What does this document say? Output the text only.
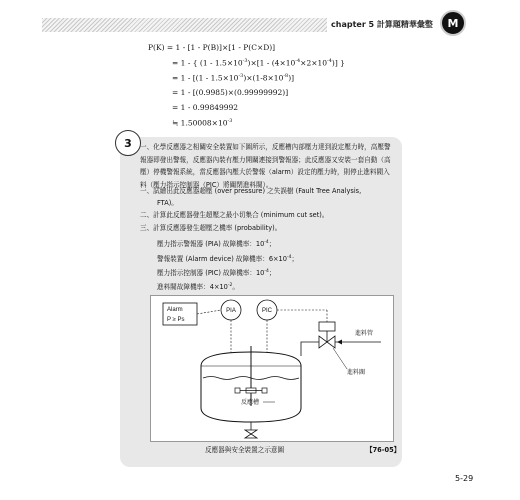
chapter 5 計算題精華彙整	M
P(K) = 1 - [1 - P(B)]×[1 - P(C×D)]
= 1 - { $(1 - 1.5\times 10^{-3})\times[1 - (4\times 10^{-4}\times 2\times 10^{-4})]$ }
= $1 - [(1 - 1.5\times 10^{-3})\times(1-8\times 10^{-8})]$
= 1 - [(0.9985)×(0.99999992)]
= 1 - 0.99849992
≒ $1.50008\times 10^{-3}$
3	一、化學反應器之相關安全裝置如下圖所示，反應槽內部壓力達到設定壓力時，高壓警報器即發出警報，反應器內裝有壓力開關連接到警報器；此反應器又安裝一套自動（高壓）停機警報系統，當反應器內壓大於警報（alarm）設定的壓力時，則停止進料閥入料（壓力指示控制器（PIC）將關閉進料閥）。
一、試繪出此反應器超壓 (over pressure) 之失誤樹 (Fault Tree Analysis,
FTA)。
二、計算此反應器發生超壓之最小切集合 (minimum cut set)。
三、計算反應器發生超壓之機率 (probability)。
壓力指示警報器 (PIA) 故障機率：$10^{-4}$；
警報裝置 (Alarm device) 故障機率：$6\times 10^{-4}$；
壓力指示控制器 (PIC) 故障機率：$10^{-4}$；
進料閥故障機率：$4\times 10^{-2}$。
Alarm
P ≥ Ps
PIA	PIC
進料管
進料閥
反應槽
反應器與安全裝置之示意圖	【76-05】
5-29
